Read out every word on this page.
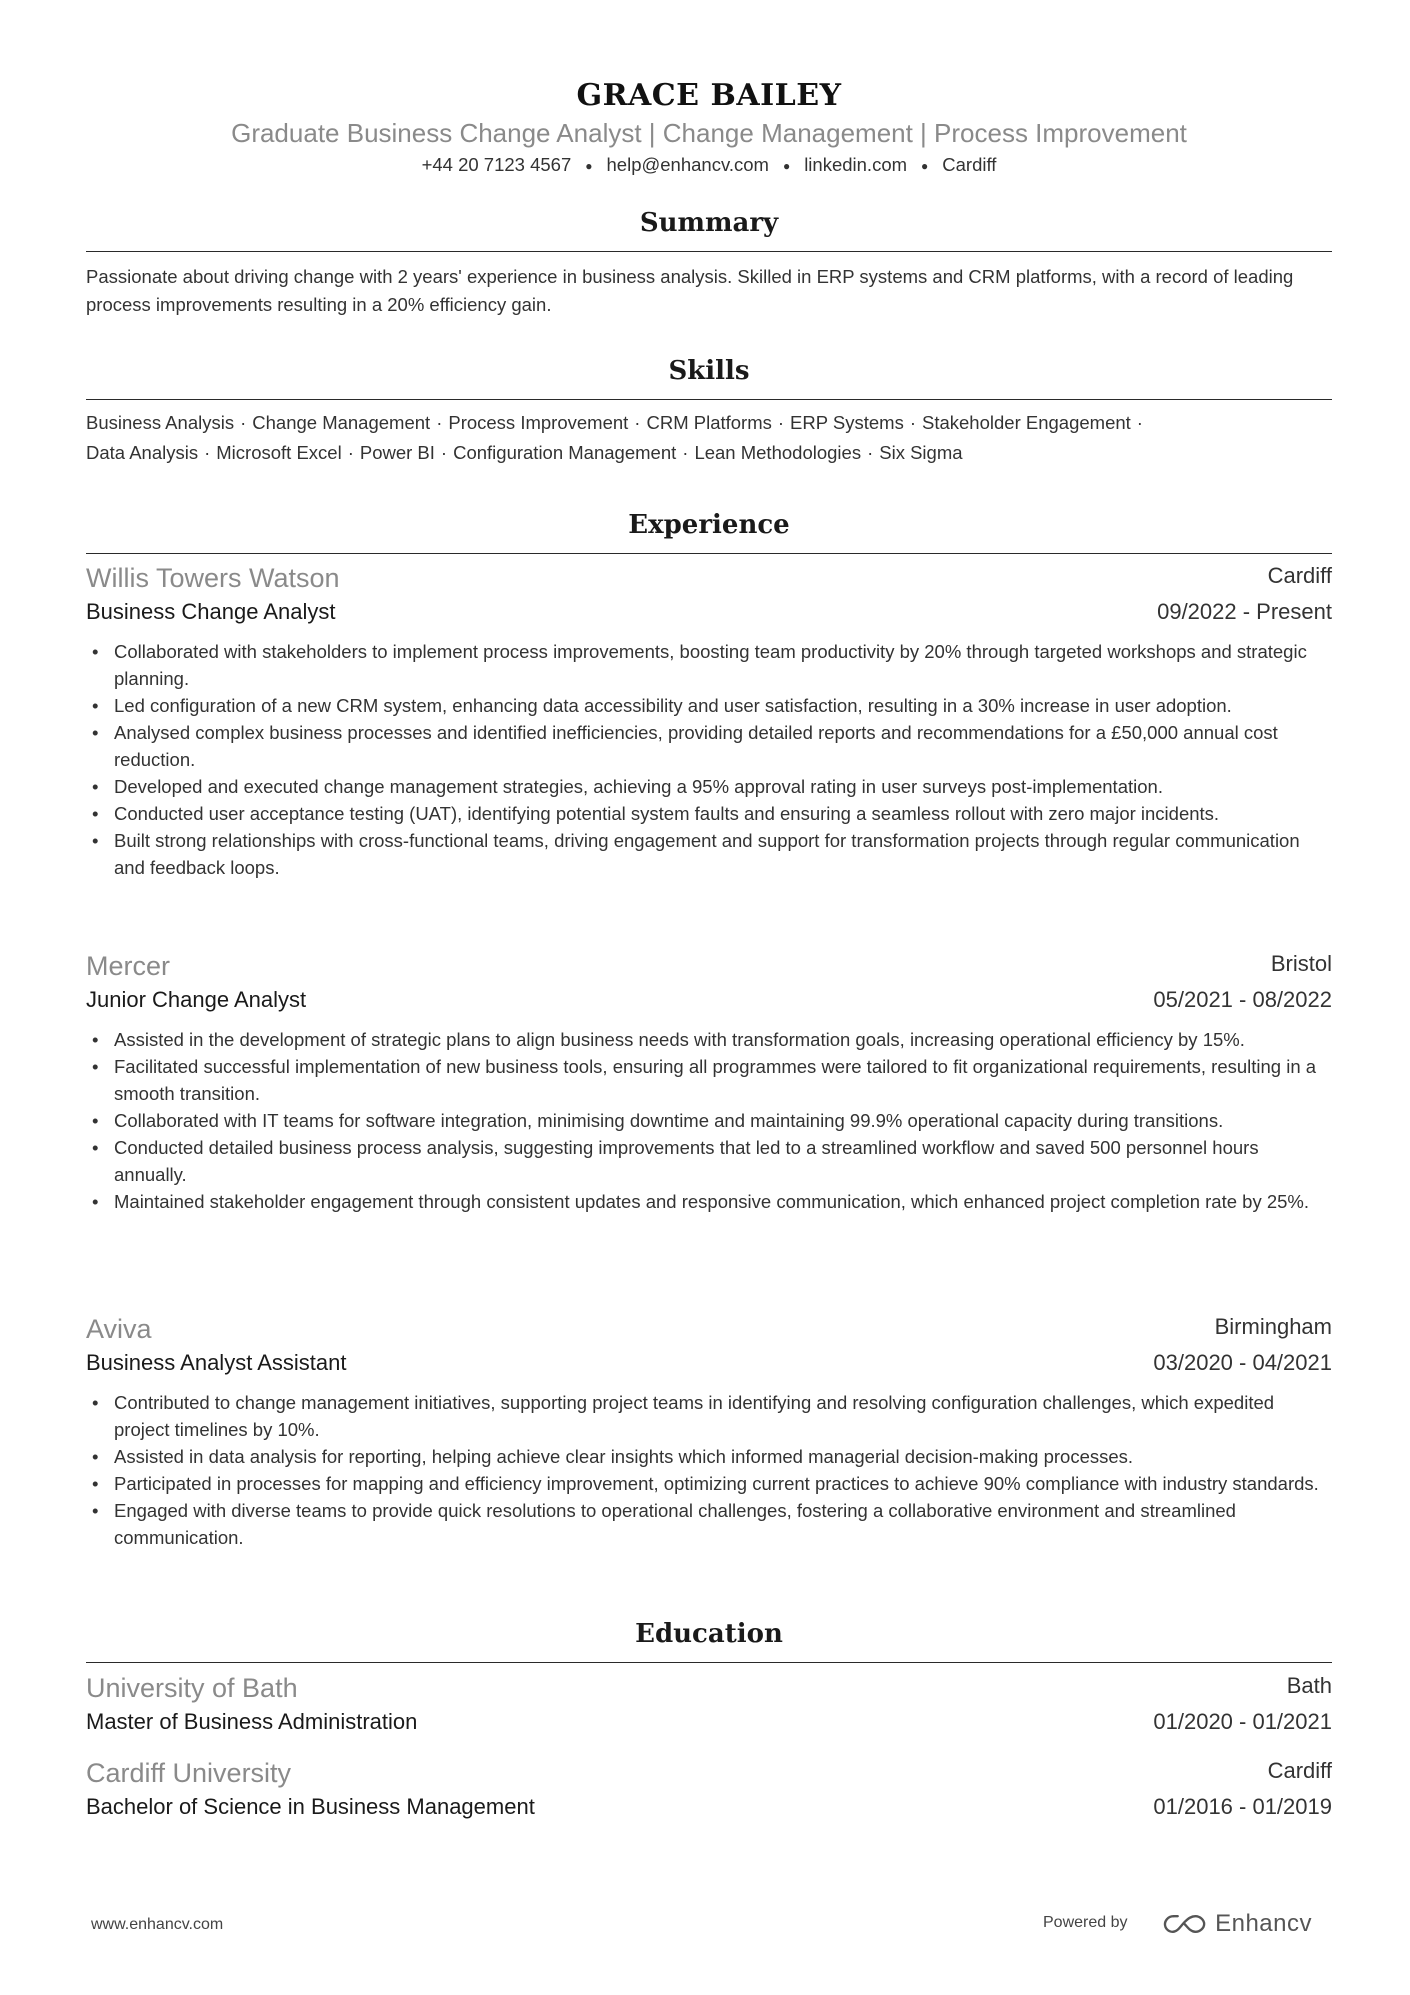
GRACE BAILEY
Graduate Business Change Analyst | Change Management | Process Improvement
+44 20 7123 4567 ● help@enhancv.com ● linkedin.com ● Cardiff
Summary
Passionate about driving change with 2 years' experience in business analysis. Skilled in ERP systems and CRM platforms, with a record of leading process improvements resulting in a 20% efficiency gain.
Skills
Business Analysis · Change Management · Process Improvement · CRM Platforms · ERP Systems · Stakeholder Engagement ·
Data Analysis · Microsoft Excel · Power BI · Configuration Management · Lean Methodologies · Six Sigma
Experience
Willis Towers Watson	Cardiff
Business Change Analyst	09/2022 - Present
• Collaborated with stakeholders to implement process improvements, boosting team productivity by 20% through targeted workshops and strategic planning.
• Led configuration of a new CRM system, enhancing data accessibility and user satisfaction, resulting in a 30% increase in user adoption.
• Analysed complex business processes and identified inefficiencies, providing detailed reports and recommendations for a £50,000 annual cost reduction.
• Developed and executed change management strategies, achieving a 95% approval rating in user surveys post-implementation.
• Conducted user acceptance testing (UAT), identifying potential system faults and ensuring a seamless rollout with zero major incidents.
• Built strong relationships with cross-functional teams, driving engagement and support for transformation projects through regular communication and feedback loops.
Mercer	Bristol
Junior Change Analyst	05/2021 - 08/2022
• Assisted in the development of strategic plans to align business needs with transformation goals, increasing operational efficiency by 15%.
• Facilitated successful implementation of new business tools, ensuring all programmes were tailored to fit organizational requirements, resulting in a smooth transition.
• Collaborated with IT teams for software integration, minimising downtime and maintaining 99.9% operational capacity during transitions.
• Conducted detailed business process analysis, suggesting improvements that led to a streamlined workflow and saved 500 personnel hours annually.
• Maintained stakeholder engagement through consistent updates and responsive communication, which enhanced project completion rate by 25%.
Aviva	Birmingham
Business Analyst Assistant	03/2020 - 04/2021
• Contributed to change management initiatives, supporting project teams in identifying and resolving configuration challenges, which expedited project timelines by 10%.
• Assisted in data analysis for reporting, helping achieve clear insights which informed managerial decision-making processes.
• Participated in processes for mapping and efficiency improvement, optimizing current practices to achieve 90% compliance with industry standards.
• Engaged with diverse teams to provide quick resolutions to operational challenges, fostering a collaborative environment and streamlined communication.
Education
University of Bath	Bath
Master of Business Administration	01/2020 - 01/2021
Cardiff University	Cardiff
Bachelor of Science in Business Management	01/2016 - 01/2019
www.enhancv.com	Powered by	Enhancv
